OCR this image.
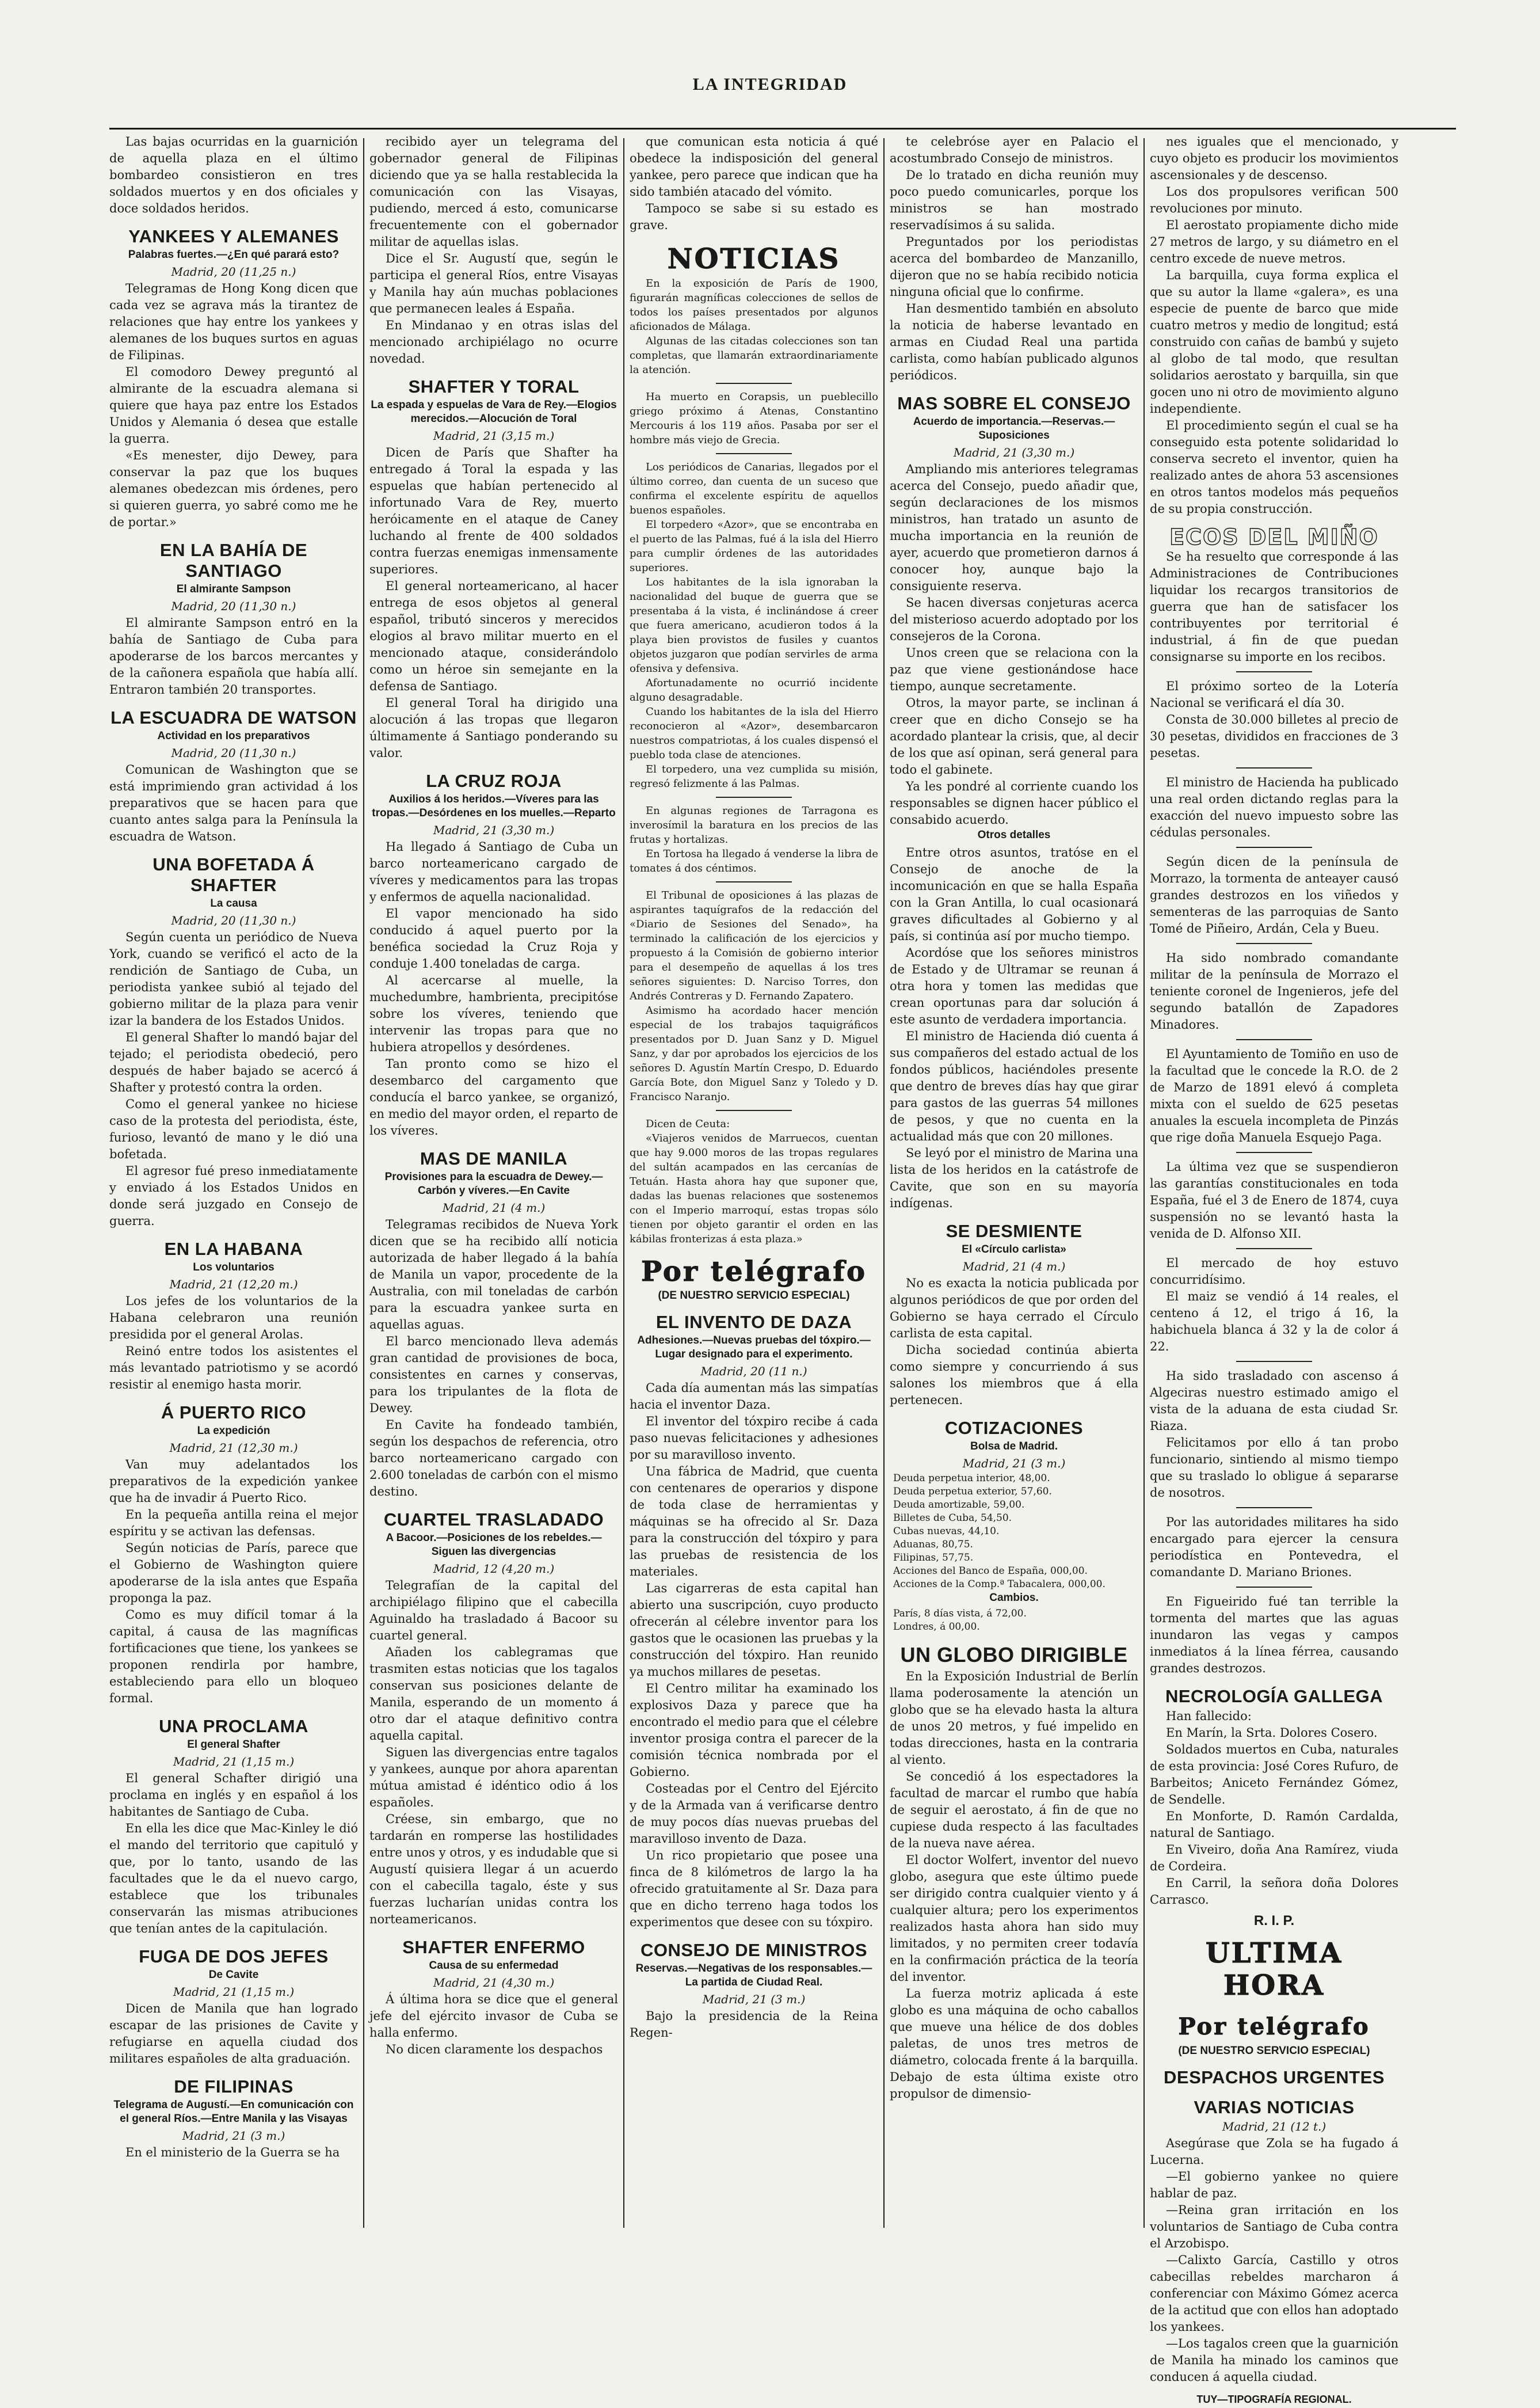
LA INTEGRIDAD
Las bajas ocurridas en la guarnición de aquella plaza en el último bombardeo consistieron en tres soldados muertos y en dos oficiales y doce soldados heridos.
YANKEES Y ALEMANES
Palabras fuertes.—¿En qué parará esto?
Madrid, 20 (11,25 n.)
Telegramas de Hong Kong dicen que cada vez se agrava más la tirantez de relaciones que hay entre los yankees y alemanes de los buques surtos en aguas de Filipinas.
El comodoro Dewey preguntó al almirante de la escuadra alemana si quiere que haya paz entre los Estados Unidos y Alemania ó desea que estalle la guerra.
«Es menester, dijo Dewey, para conservar la paz que los buques alemanes obedezcan mis órdenes, pero si quieren guerra, yo sabré como me he de portar.»
EN LA BAHÍA DE SANTIAGO
El almirante Sampson
Madrid, 20 (11,30 n.)
El almirante Sampson entró en la bahía de Santiago de Cuba para apoderarse de los barcos mercantes y de la cañonera española que había allí. Entraron también 20 transportes.
LA ESCUADRA DE WATSON
Actividad en los preparativos
Madrid, 20 (11,30 n.)
Comunican de Washington que se está imprimiendo gran actividad á los preparativos que se hacen para que cuanto antes salga para la Península la escuadra de Watson.
UNA BOFETADA Á SHAFTER
La causa
Madrid, 20 (11,30 n.)
Según cuenta un periódico de Nueva York, cuando se verificó el acto de la rendición de Santiago de Cuba, un periodista yankee subió al tejado del gobierno militar de la plaza para venir izar la bandera de los Estados Unidos.
El general Shafter lo mandó bajar del tejado; el periodista obedeció, pero después de haber bajado se acercó á Shafter y protestó contra la orden.
Como el general yankee no hiciese caso de la protesta del periodista, éste, furioso, levantó de mano y le dió una bofetada.
El agresor fué preso inmediatamente y enviado á los Estados Unidos en donde será juzgado en Consejo de guerra.
EN LA HABANA
Los voluntarios
Madrid, 21 (12,20 m.)
Los jefes de los voluntarios de la Habana celebraron una reunión presidida por el general Arolas.
Reinó entre todos los asistentes el más levantado patriotismo y se acordó resistir al enemigo hasta morir.
Á PUERTO RICO
La expedición
Madrid, 21 (12,30 m.)
Van muy adelantados los preparativos de la expedición yankee que ha de invadir á Puerto Rico.
En la pequeña antilla reina el mejor espíritu y se activan las defensas.
Según noticias de París, parece que el Gobierno de Washington quiere apoderarse de la isla antes que España proponga la paz.
Como es muy difícil tomar á la capital, á causa de las magníficas fortificaciones que tiene, los yankees se proponen rendirla por hambre, estableciendo para ello un bloqueo formal.
UNA PROCLAMA
El general Shafter
Madrid, 21 (1,15 m.)
El general Schafter dirigió una proclama en inglés y en español á los habitantes de Santiago de Cuba.
En ella les dice que Mac-Kinley le dió el mando del territorio que capituló y que, por lo tanto, usando de las facultades que le da el nuevo cargo, establece que los tribunales conservarán las mismas atribuciones que tenían antes de la capitulación.
FUGA DE DOS JEFES
De Cavite
Madrid, 21 (1,15 m.)
Dicen de Manila que han logrado escapar de las prisiones de Cavite y refugiarse en aquella ciudad dos militares españoles de alta graduación.
DE FILIPINAS
Telegrama de Augustí.—En comunicación con el general Ríos.—Entre Manila y las Visayas
Madrid, 21 (3 m.)
En el ministerio de la Guerra se ha
recibido ayer un telegrama del gobernador general de Filipinas diciendo que ya se halla restablecida la comunicación con las Visayas, pudiendo, merced á esto, comunicarse frecuentemente con el gobernador militar de aquellas islas.
Dice el Sr. Augustí que, según le participa el general Ríos, entre Visayas y Manila hay aún muchas poblaciones que permanecen leales á España.
En Mindanao y en otras islas del mencionado archipiélago no ocurre novedad.
SHAFTER Y TORAL
La espada y espuelas de Vara de Rey.—Elogios merecidos.—Alocución de Toral
Madrid, 21 (3,15 m.)
Dicen de París que Shafter ha entregado á Toral la espada y las espuelas que habían pertenecido al infortunado Vara de Rey, muerto heróicamente en el ataque de Caney luchando al frente de 400 soldados contra fuerzas enemigas inmensamente superiores.
El general norteamericano, al hacer entrega de esos objetos al general español, tributó sinceros y merecidos elogios al bravo militar muerto en el mencionado ataque, considerándolo como un héroe sin semejante en la defensa de Santiago.
El general Toral ha dirigido una alocución á las tropas que llegaron últimamente á Santiago ponderando su valor.
LA CRUZ ROJA
Auxilios á los heridos.—Víveres para las tropas.—Desórdenes en los muelles.—Reparto
Madrid, 21 (3,30 m.)
Ha llegado á Santiago de Cuba un barco norteamericano cargado de víveres y medicamentos para las tropas y enfermos de aquella nacionalidad.
El vapor mencionado ha sido conducido á aquel puerto por la benéfica sociedad la Cruz Roja y conduje 1.400 toneladas de carga.
Al acercarse al muelle, la muchedumbre, hambrienta, precipitóse sobre los víveres, teniendo que intervenir las tropas para que no hubiera atropellos y desórdenes.
Tan pronto como se hizo el desembarco del cargamento que conducía el barco yankee, se organizó, en medio del mayor orden, el reparto de los víveres.
MAS DE MANILA
Provisiones para la escuadra de Dewey.—Carbón y víveres.—En Cavite
Madrid, 21 (4 m.)
Telegramas recibidos de Nueva York dicen que se ha recibido allí noticia autorizada de haber llegado á la bahía de Manila un vapor, procedente de la Australia, con mil toneladas de carbón para la escuadra yankee surta en aquellas aguas.
El barco mencionado lleva además gran cantidad de provisiones de boca, consistentes en carnes y conservas, para los tripulantes de la flota de Dewey.
En Cavite ha fondeado también, según los despachos de referencia, otro barco norteamericano cargado con 2.600 toneladas de carbón con el mismo destino.
CUARTEL TRASLADADO
A Bacoor.—Posiciones de los rebeldes.—Siguen las divergencias
Madrid, 12 (4,20 m.)
Telegrafían de la capital del archipiélago filipino que el cabecilla Aguinaldo ha trasladado á Bacoor su cuartel general.
Añaden los cablegramas que trasmiten estas noticias que los tagalos conservan sus posiciones delante de Manila, esperando de un momento á otro dar el ataque definitivo contra aquella capital.
Siguen las divergencias entre tagalos y yankees, aunque por ahora aparentan mútua amistad é idéntico odio á los españoles.
Créese, sin embargo, que no tardarán en romperse las hostilidades entre unos y otros, y es indudable que si Augustí quisiera llegar á un acuerdo con el cabecilla tagalo, éste y sus fuerzas lucharían unidas contra los norteamericanos.
SHAFTER ENFERMO
Causa de su enfermedad
Madrid, 21 (4,30 m.)
Á última hora se dice que el general jefe del ejército invasor de Cuba se halla enfermo.
No dicen claramente los despachos
que comunican esta noticia á qué obedece la indisposición del general yankee, pero parece que indican que ha sido también atacado del vómito.
Tampoco se sabe si su estado es grave.
NOTICIAS
En la exposición de París de 1900, figurarán magníficas colecciones de sellos de todos los países presentados por algunos aficionados de Málaga.
Algunas de las citadas colecciones son tan completas, que llamarán extraordinariamente la atención.
Ha muerto en Corapsis, un pueblecillo griego próximo á Atenas, Constantino Mercouris á los 119 años. Pasaba por ser el hombre más viejo de Grecia.
Los periódicos de Canarias, llegados por el último correo, dan cuenta de un suceso que confirma el excelente espíritu de aquellos buenos españoles.
El torpedero «Azor», que se encontraba en el puerto de las Palmas, fué á la isla del Hierro para cumplir órdenes de las autoridades superiores.
Los habitantes de la isla ignoraban la nacionalidad del buque de guerra que se presentaba á la vista, é inclinándose á creer que fuera americano, acudieron todos á la playa bien provistos de fusiles y cuantos objetos juzgaron que podían servirles de arma ofensiva y defensiva.
Afortunadamente no ocurrió incidente alguno desagradable.
Cuando los habitantes de la isla del Hierro reconocieron al «Azor», desembarcaron nuestros compatriotas, á los cuales dispensó el pueblo toda clase de atenciones.
El torpedero, una vez cumplida su misión, regresó felizmente á las Palmas.
En algunas regiones de Tarragona es inverosímil la baratura en los precios de las frutas y hortalizas.
En Tortosa ha llegado á venderse la libra de tomates á dos céntimos.
El Tribunal de oposiciones á las plazas de aspirantes taquígrafos de la redacción del «Diario de Sesiones del Senado», ha terminado la calificación de los ejercicios y propuesto á la Comisión de gobierno interior para el desempeño de aquellas á los tres señores siguientes: D. Narciso Torres, don Andrés Contreras y D. Fernando Zapatero.
Asimismo ha acordado hacer mención especial de los trabajos taquigráficos presentados por D. Juan Sanz y D. Miguel Sanz, y dar por aprobados los ejercicios de los señores D. Agustín Martín Crespo, D. Eduardo García Bote, don Miguel Sanz y Toledo y D. Francisco Naranjo.
Dicen de Ceuta:
«Viajeros venidos de Marruecos, cuentan que hay 9.000 moros de las tropas regulares del sultán acampados en las cercanías de Tetuán. Hasta ahora hay que suponer que, dadas las buenas relaciones que sostenemos con el Imperio marroquí, estas tropas sólo tienen por objeto garantir el orden en las kábilas fronterizas á esta plaza.»
Por telégrafo
(DE NUESTRO SERVICIO ESPECIAL)
EL INVENTO DE DAZA
Adhesiones.—Nuevas pruebas del tóxpiro.—Lugar designado para el experimento.
Madrid, 20 (11 n.)
Cada día aumentan más las simpatías hacia el inventor Daza.
El inventor del tóxpiro recibe á cada paso nuevas felicitaciones y adhesiones por su maravilloso invento.
Una fábrica de Madrid, que cuenta con centenares de operarios y dispone de toda clase de herramientas y máquinas se ha ofrecido al Sr. Daza para la construcción del tóxpiro y para las pruebas de resistencia de los materiales.
Las cigarreras de esta capital han abierto una suscripción, cuyo producto ofrecerán al célebre inventor para los gastos que le ocasionen las pruebas y la construcción del tóxpiro. Han reunido ya muchos millares de pesetas.
El Centro militar ha examinado los explosivos Daza y parece que ha encontrado el medio para que el célebre inventor prosiga contra el parecer de la comisión técnica nombrada por el Gobierno.
Costeadas por el Centro del Ejército y de la Armada van á verificarse dentro de muy pocos días nuevas pruebas del maravilloso invento de Daza.
Un rico propietario que posee una finca de 8 kilómetros de largo la ha ofrecido gratuitamente al Sr. Daza para que en dicho terreno haga todos los experimentos que desee con su tóxpiro.
CONSEJO DE MINISTROS
Reservas.—Negativas de los responsables.—La partida de Ciudad Real.
Madrid, 21 (3 m.)
Bajo la presidencia de la Reina Regen-
te celebróse ayer en Palacio el acostumbrado Consejo de ministros.
De lo tratado en dicha reunión muy poco puedo comunicarles, porque los ministros se han mostrado reservadísimos á su salida.
Preguntados por los periodistas acerca del bombardeo de Manzanillo, dijeron que no se había recibido noticia ninguna oficial que lo confirme.
Han desmentido también en absoluto la noticia de haberse levantado en armas en Ciudad Real una partida carlista, como habían publicado algunos periódicos.
MAS SOBRE EL CONSEJO
Acuerdo de importancia.—Reservas.—Suposiciones
Madrid, 21 (3,30 m.)
Ampliando mis anteriores telegramas acerca del Consejo, puedo añadir que, según declaraciones de los mismos ministros, han tratado un asunto de mucha importancia en la reunión de ayer, acuerdo que prometieron darnos á conocer hoy, aunque bajo la consiguiente reserva.
Se hacen diversas conjeturas acerca del misterioso acuerdo adoptado por los consejeros de la Corona.
Unos creen que se relaciona con la paz que viene gestionándose hace tiempo, aunque secretamente.
Otros, la mayor parte, se inclinan á creer que en dicho Consejo se ha acordado plantear la crisis, que, al decir de los que así opinan, será general para todo el gabinete.
Ya les pondré al corriente cuando los responsables se dignen hacer público el consabido acuerdo.
Otros detalles
Entre otros asuntos, tratóse en el Consejo de anoche de la incomunicación en que se halla España con la Gran Antilla, lo cual ocasionará graves dificultades al Gobierno y al país, si continúa así por mucho tiempo.
Acordóse que los señores ministros de Estado y de Ultramar se reunan á otra hora y tomen las medidas que crean oportunas para dar solución á este asunto de verdadera importancia.
El ministro de Hacienda dió cuenta á sus compañeros del estado actual de los fondos públicos, haciéndoles presente que dentro de breves días hay que girar para gastos de las guerras 54 millones de pesos, y que no cuenta en la actualidad más que con 20 millones.
Se leyó por el ministro de Marina una lista de los heridos en la catástrofe de Cavite, que son en su mayoría indígenas.
SE DESMIENTE
El «Círculo carlista»
Madrid, 21 (4 m.)
No es exacta la noticia publicada por algunos periódicos de que por orden del Gobierno se haya cerrado el Círculo carlista de esta capital.
Dicha sociedad continúa abierta como siempre y concurriendo á sus salones los miembros que á ella pertenecen.
COTIZACIONES
Bolsa de Madrid.
Madrid, 21 (3 m.)
Deuda perpetua interior, 48,00.
Deuda perpetua exterior, 57,60.
Deuda amortizable, 59,00.
Billetes de Cuba, 54,50.
Cubas nuevas, 44,10.
Aduanas, 80,75.
Filipinas, 57,75.
Acciones del Banco de España, 000,00.
Acciones de la Comp.ª Tabacalera, 000,00.
Cambios.
París, 8 días vista, á 72,00.
Londres, á 00,00.
UN GLOBO DIRIGIBLE
En la Exposición Industrial de Berlín llama poderosamente la atención un globo que se ha elevado hasta la altura de unos 20 metros, y fué impelido en todas direcciones, hasta en la contraria al viento.
Se concedió á los espectadores la facultad de marcar el rumbo que había de seguir el aerostato, á fin de que no cupiese duda respecto á las facultades de la nueva nave aérea.
El doctor Wolfert, inventor del nuevo globo, asegura que este último puede ser dirigido contra cualquier viento y á cualquier altura; pero los experimentos realizados hasta ahora han sido muy limitados, y no permiten creer todavía en la confirmación práctica de la teoría del inventor.
La fuerza motriz aplicada á este globo es una máquina de ocho caballos que mueve una hélice de dos dobles paletas, de unos tres metros de diámetro, colocada frente á la barquilla. Debajo de esta última existe otro propulsor de dimensio-
nes iguales que el mencionado, y cuyo objeto es producir los movimientos ascensionales y de descenso.
Los dos propulsores verifican 500 revoluciones por minuto.
El aerostato propiamente dicho mide 27 metros de largo, y su diámetro en el centro excede de nueve metros.
La barquilla, cuya forma explica el que su autor la llame «galera», es una especie de puente de barco que mide cuatro metros y medio de longitud; está construido con cañas de bambú y sujeto al globo de tal modo, que resultan solidarios aerostato y barquilla, sin que gocen uno ni otro de movimiento alguno independiente.
El procedimiento según el cual se ha conseguido esta potente solidaridad lo conserva secreto el inventor, quien ha realizado antes de ahora 53 ascensiones en otros tantos modelos más pequeños de su propia construcción.
ECOS DEL MIÑO
Se ha resuelto que corresponde á las Administraciones de Contribuciones liquidar los recargos transitorios de guerra que han de satisfacer los contribuyentes por territorial é industrial, á fin de que puedan consignarse su importe en los recibos.
El próximo sorteo de la Lotería Nacional se verificará el día 30.
Consta de 30.000 billetes al precio de 30 pesetas, divididos en fracciones de 3 pesetas.
El ministro de Hacienda ha publicado una real orden dictando reglas para la exacción del nuevo impuesto sobre las cédulas personales.
Según dicen de la península de Morrazo, la tormenta de anteayer causó grandes destrozos en los viñedos y sementeras de las parroquias de Santo Tomé de Piñeiro, Ardán, Cela y Bueu.
Ha sido nombrado comandante militar de la península de Morrazo el teniente coronel de Ingenieros, jefe del segundo batallón de Zapadores Minadores.
El Ayuntamiento de Tomiño en uso de la facultad que le concede la R.O. de 2 de Marzo de 1891 elevó á completa mixta con el sueldo de 625 pesetas anuales la escuela incompleta de Pinzás que rige doña Manuela Esquejo Paga.
La última vez que se suspendieron las garantías constitucionales en toda España, fué el 3 de Enero de 1874, cuya suspensión no se levantó hasta la venida de D. Alfonso XII.
El mercado de hoy estuvo concurridísimo.
El maiz se vendió á 14 reales, el centeno á 12, el trigo á 16, la habichuela blanca á 32 y la de color á 22.
Ha sido trasladado con ascenso á Algeciras nuestro estimado amigo el vista de la aduana de esta ciudad Sr. Riaza.
Felicitamos por ello á tan probo funcionario, sintiendo al mismo tiempo que su traslado lo obligue á separarse de nosotros.
Por las autoridades militares ha sido encargado para ejercer la censura periodística en Pontevedra, el comandante D. Mariano Briones.
En Figueirido fué tan terrible la tormenta del martes que las aguas inundaron las vegas y campos inmediatos á la línea férrea, causando grandes destrozos.
NECROLOGÍA GALLEGA
Han fallecido:
En Marín, la Srta. Dolores Cosero.
Soldados muertos en Cuba, naturales de esta provincia: José Cores Rufuro, de Barbeitos; Aniceto Fernández Gómez, de Sendelle.
En Monforte, D. Ramón Cardalda, natural de Santiago.
En Viveiro, doña Ana Ramírez, viuda de Cordeira.
En Carril, la señora doña Dolores Carrasco.
R. I. P.
ULTIMA HORA
Por telégrafo
(DE NUESTRO SERVICIO ESPECIAL)
DESPACHOS URGENTES
VARIAS NOTICIAS
Madrid, 21 (12 t.)
Asegúrase que Zola se ha fugado á Lucerna.
—El gobierno yankee no quiere hablar de paz.
—Reina gran irritación en los voluntarios de Santiago de Cuba contra el Arzobispo.
—Calixto García, Castillo y otros cabecillas rebeldes marcharon á conferenciar con Máximo Gómez acerca de la actitud que con ellos han adoptado los yankees.
—Los tagalos creen que la guarnición de Manila ha minado los caminos que conducen á aquella ciudad.
TUY—TIPOGRAFÍA REGIONAL.
